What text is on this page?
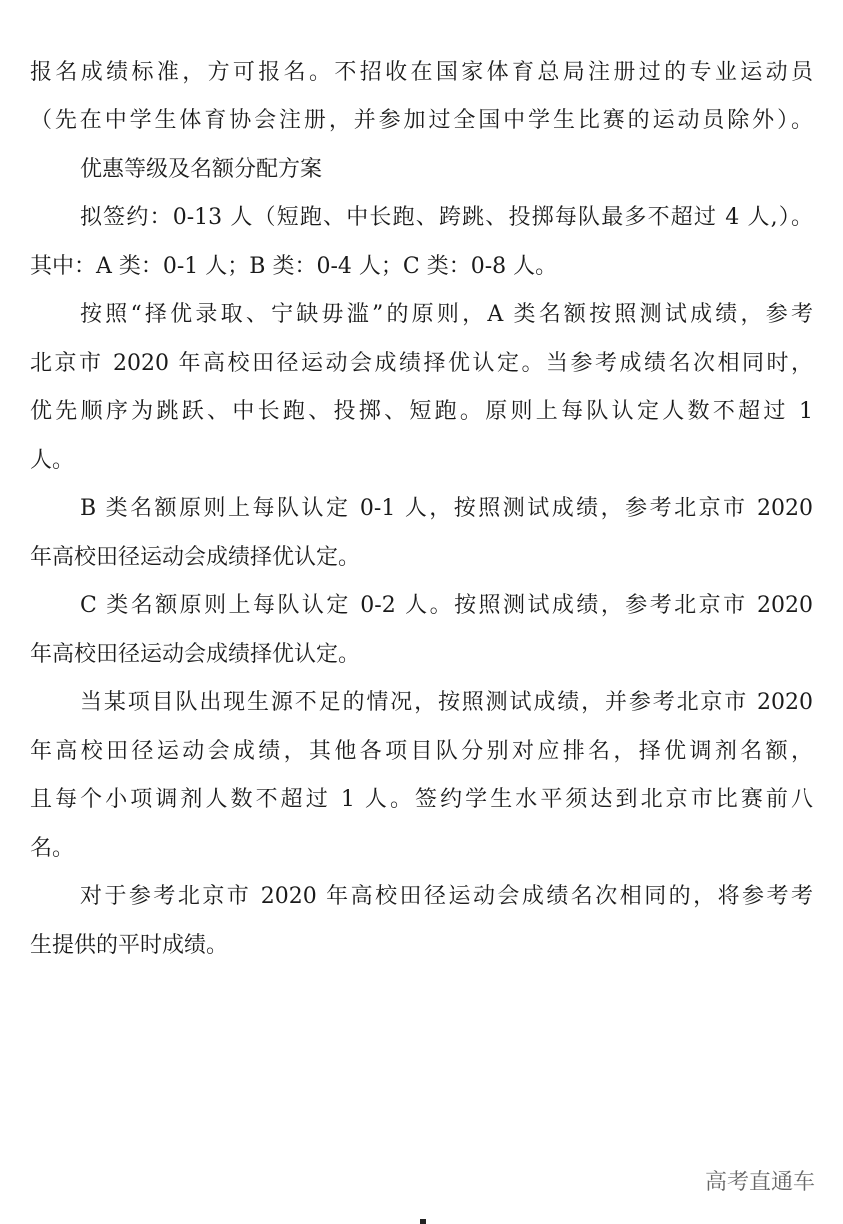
报名成绩标准，方可报名。不招收在国家体育总局注册过的专业运动员
（先在中学生体育协会注册，并参加过全国中学生比赛的运动员除外）。
优惠等级及名额分配方案
拟签约：0-13 人（短跑、中长跑、跨跳、投掷每队最多不超过 4 人,）。
其中：A 类：0-1 人；B 类：0-4 人；C 类：0-8 人。
按照“择优录取、宁缺毋滥”的原则，A 类名额按照测试成绩，参考
北京市 2020 年高校田径运动会成绩择优认定。当参考成绩名次相同时，
优先顺序为跳跃、中长跑、投掷、短跑。原则上每队认定人数不超过 1
人。
B 类名额原则上每队认定 0-1 人，按照测试成绩，参考北京市 2020
年高校田径运动会成绩择优认定。
C 类名额原则上每队认定 0-2 人。按照测试成绩，参考北京市 2020
年高校田径运动会成绩择优认定。
当某项目队出现生源不足的情况，按照测试成绩，并参考北京市 2020
年高校田径运动会成绩，其他各项目队分别对应排名，择优调剂名额，
且每个小项调剂人数不超过 1 人。签约学生水平须达到北京市比赛前八
名。
对于参考北京市 2020 年高校田径运动会成绩名次相同的，将参考考
生提供的平时成绩。
高考直通车
